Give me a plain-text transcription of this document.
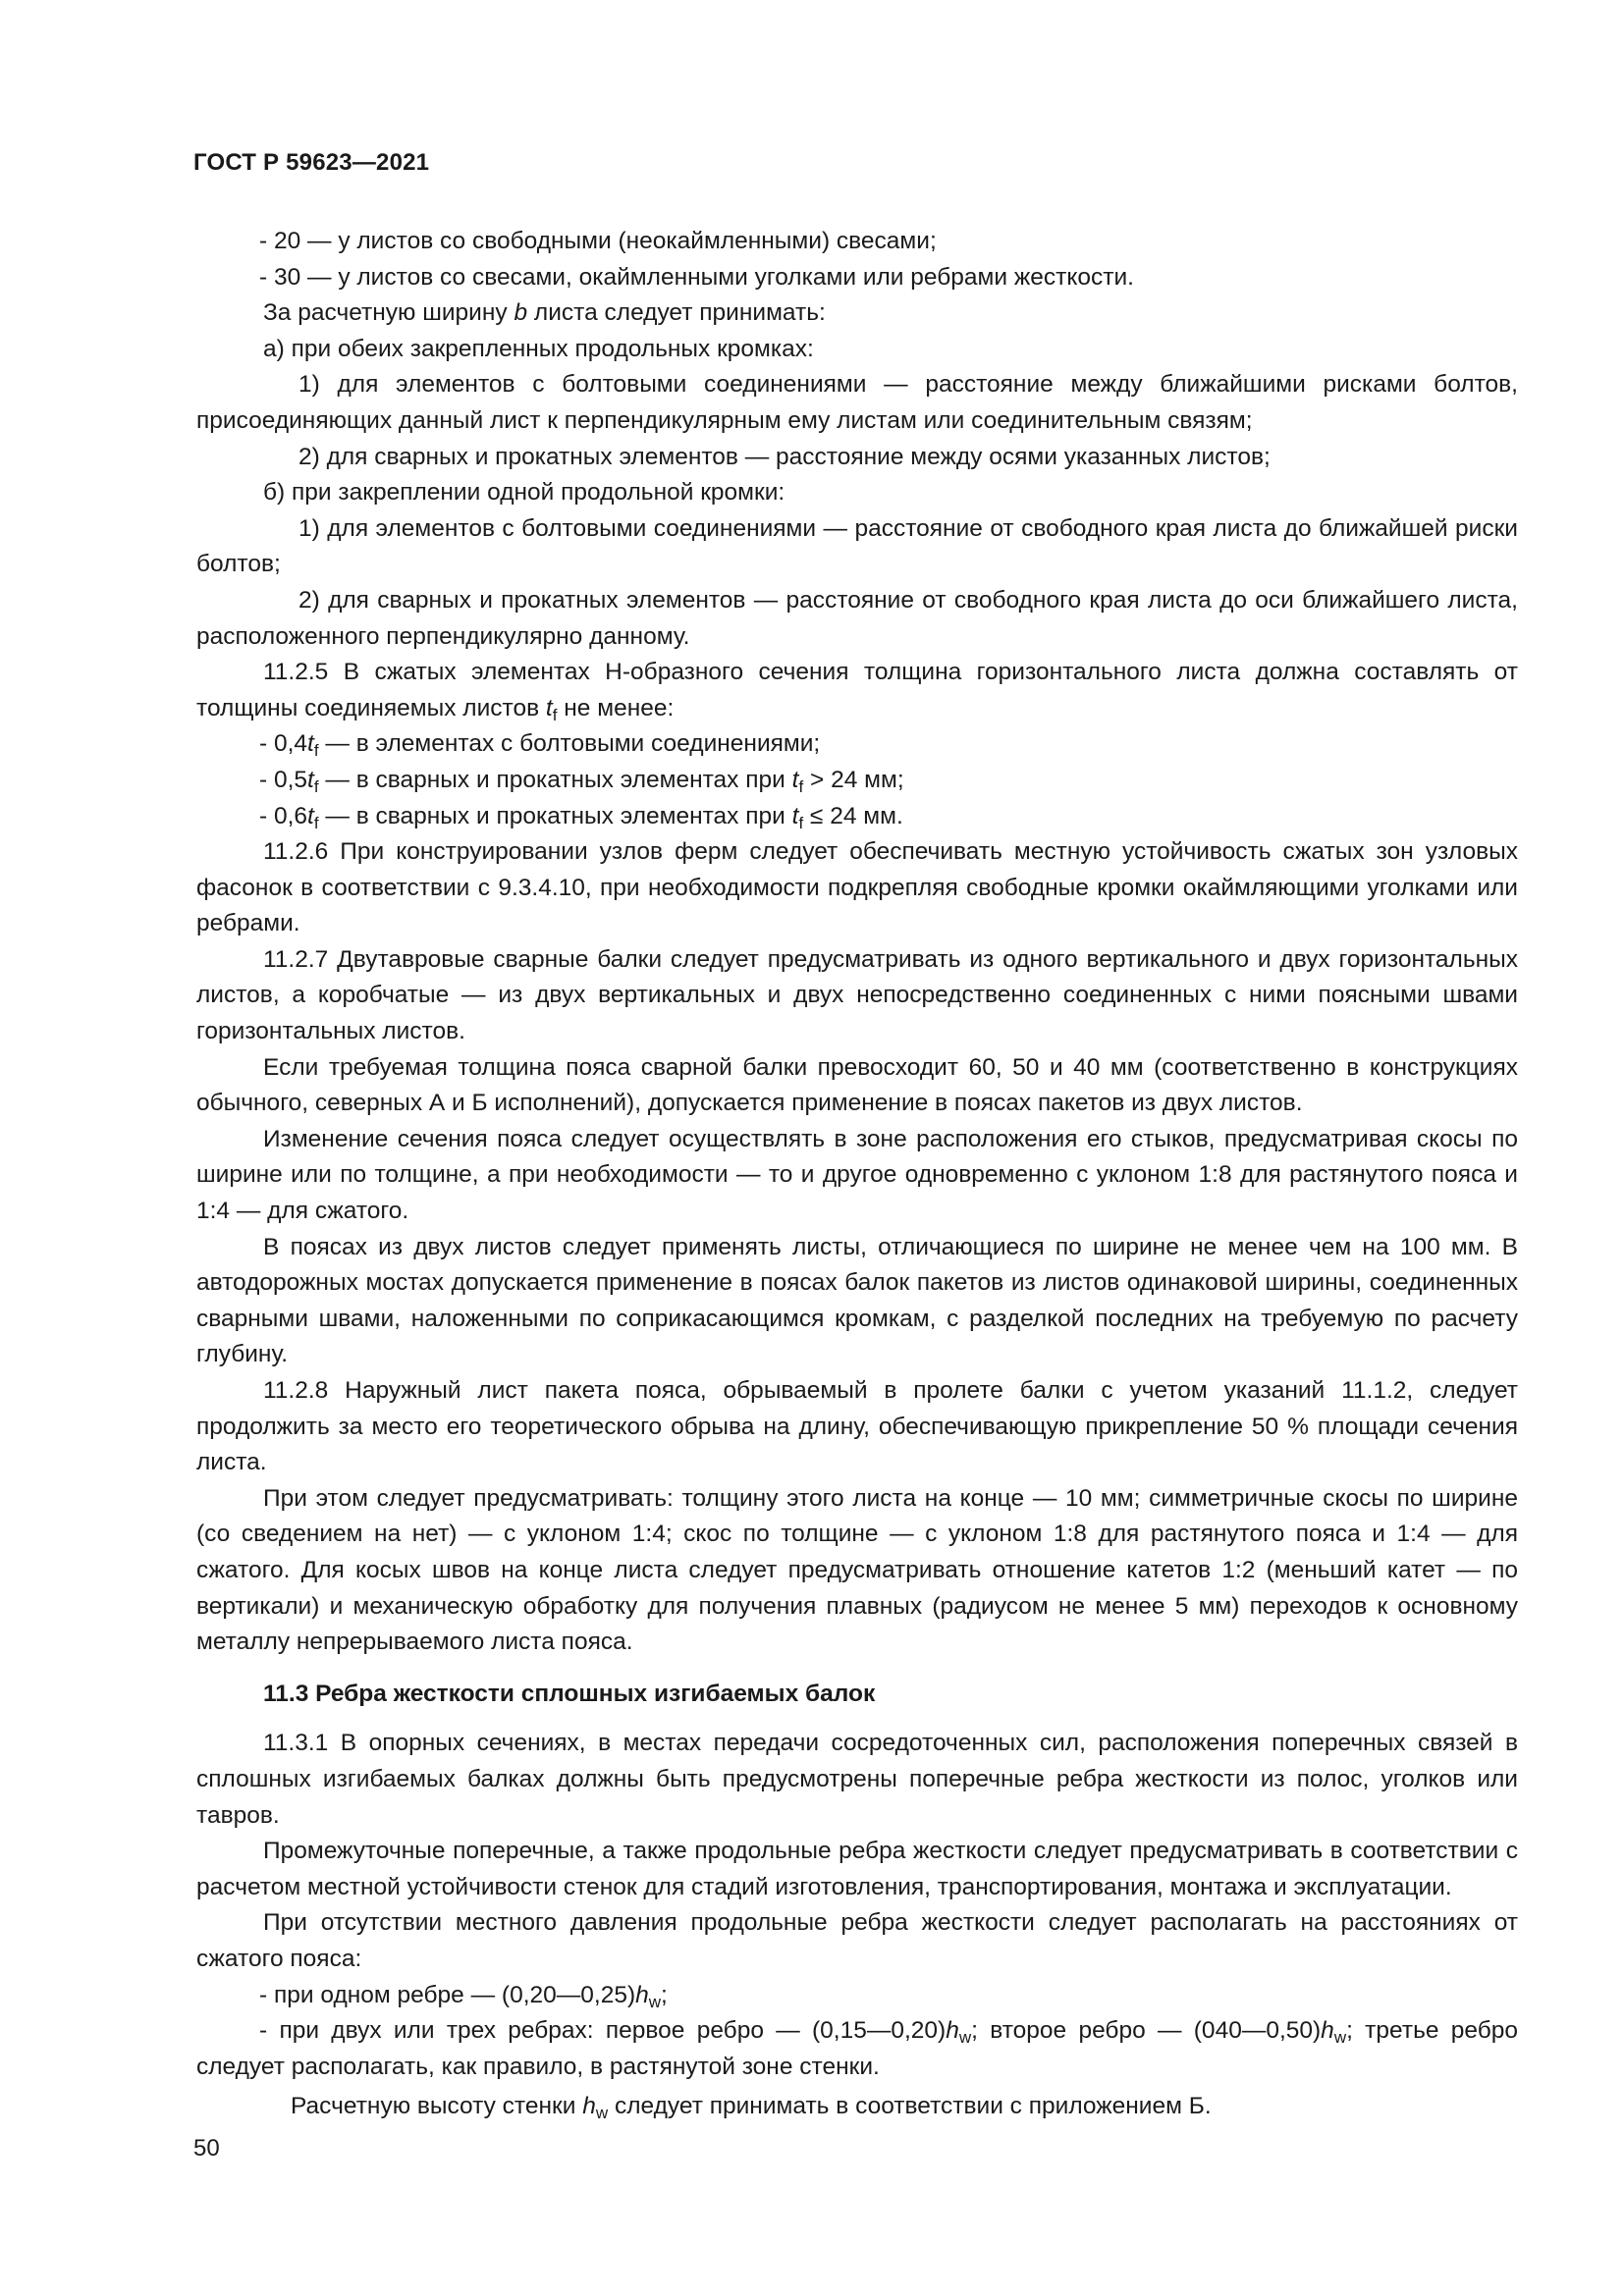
ГОСТ Р 59623—2021

- 20 — у листов со свободными (неокаймленными) свесами;

- 30 — у листов со свесами, окаймленными уголками или ребрами жесткости.

За расчетную ширину b листа следует принимать:

а) при обеих закрепленных продольных кромках:

1) для элементов с болтовыми соединениями — расстояние между ближайшими рисками болтов, присоединяющих данный лист к перпендикулярным ему листам или соединительным связям;

2) для сварных и прокатных элементов — расстояние между осями указанных листов;

б) при закреплении одной продольной кромки:

1) для элементов с болтовыми соединениями — расстояние от свободного края листа до ближайшей риски болтов;

2) для сварных и прокатных элементов — расстояние от свободного края листа до оси ближайшего листа, расположенного перпендикулярно данному.

11.2.5 В сжатых элементах Н-образного сечения толщина горизонтального листа должна составлять от толщины соединяемых листов $t_f$ не менее:

- $0,4t_f$ — в элементах с болтовыми соединениями;

- $0,5t_f$ — в сварных и прокатных элементах при $t_f > 24$ мм;

- $0,6t_f$ — в сварных и прокатных элементах при $t_f \le 24$ мм.

11.2.6 При конструировании узлов ферм следует обеспечивать местную устойчивость сжатых зон узловых фасонок в соответствии с 9.3.4.10, при необходимости подкрепляя свободные кромки окаймляющими уголками или ребрами.

11.2.7 Двутавровые сварные балки следует предусматривать из одного вертикального и двух горизонтальных листов, а коробчатые — из двух вертикальных и двух непосредственно соединенных с ними поясными швами горизонтальных листов.

Если требуемая толщина пояса сварной балки превосходит 60, 50 и 40 мм (соответственно в конструкциях обычного, северных А и Б исполнений), допускается применение в поясах пакетов из двух листов.

Изменение сечения пояса следует осуществлять в зоне расположения его стыков, предусматривая скосы по ширине или по толщине, а при необходимости — то и другое одновременно с уклоном 1:8 для растянутого пояса и 1:4 — для сжатого.

В поясах из двух листов следует применять листы, отличающиеся по ширине не менее чем на 100 мм. В автодорожных мостах допускается применение в поясах балок пакетов из листов одинаковой ширины, соединенных сварными швами, наложенными по соприкасающимся кромкам, с разделкой последних на требуемую по расчету глубину.

11.2.8 Наружный лист пакета пояса, обрываемый в пролете балки с учетом указаний 11.1.2, следует продолжить за место его теоретического обрыва на длину, обеспечивающую прикрепление 50 % площади сечения листа.

При этом следует предусматривать: толщину этого листа на конце — 10 мм; симметричные скосы по ширине (со сведением на нет) — с уклоном 1:4; скос по толщине — с уклоном 1:8 для растянутого пояса и 1:4 — для сжатого. Для косых швов на конце листа следует предусматривать отношение катетов 1:2 (меньший катет — по вертикали) и механическую обработку для получения плавных (радиусом не менее 5 мм) переходов к основному металлу непрерываемого листа пояса.

11.3 Ребра жесткости сплошных изгибаемых балок

11.3.1 В опорных сечениях, в местах передачи сосредоточенных сил, расположения поперечных связей в сплошных изгибаемых балках должны быть предусмотрены поперечные ребра жесткости из полос, уголков или тавров.

Промежуточные поперечные, а также продольные ребра жесткости следует предусматривать в соответствии с расчетом местной устойчивости стенок для стадий изготовления, транспортирования, монтажа и эксплуатации.

При отсутствии местного давления продольные ребра жесткости следует располагать на расстояниях от сжатого пояса:

- при одном ребре — $(0,20—0,25)h_w$;

- при двух или трех ребрах: первое ребро — $(0,15—0,20)h_w$; второе ребро — $(040—0,50)h_w$; третье ребро следует располагать, как правило, в растянутой зоне стенки.

Расчетную высоту стенки $h_w$ следует принимать в соответствии с приложением Б.

50
